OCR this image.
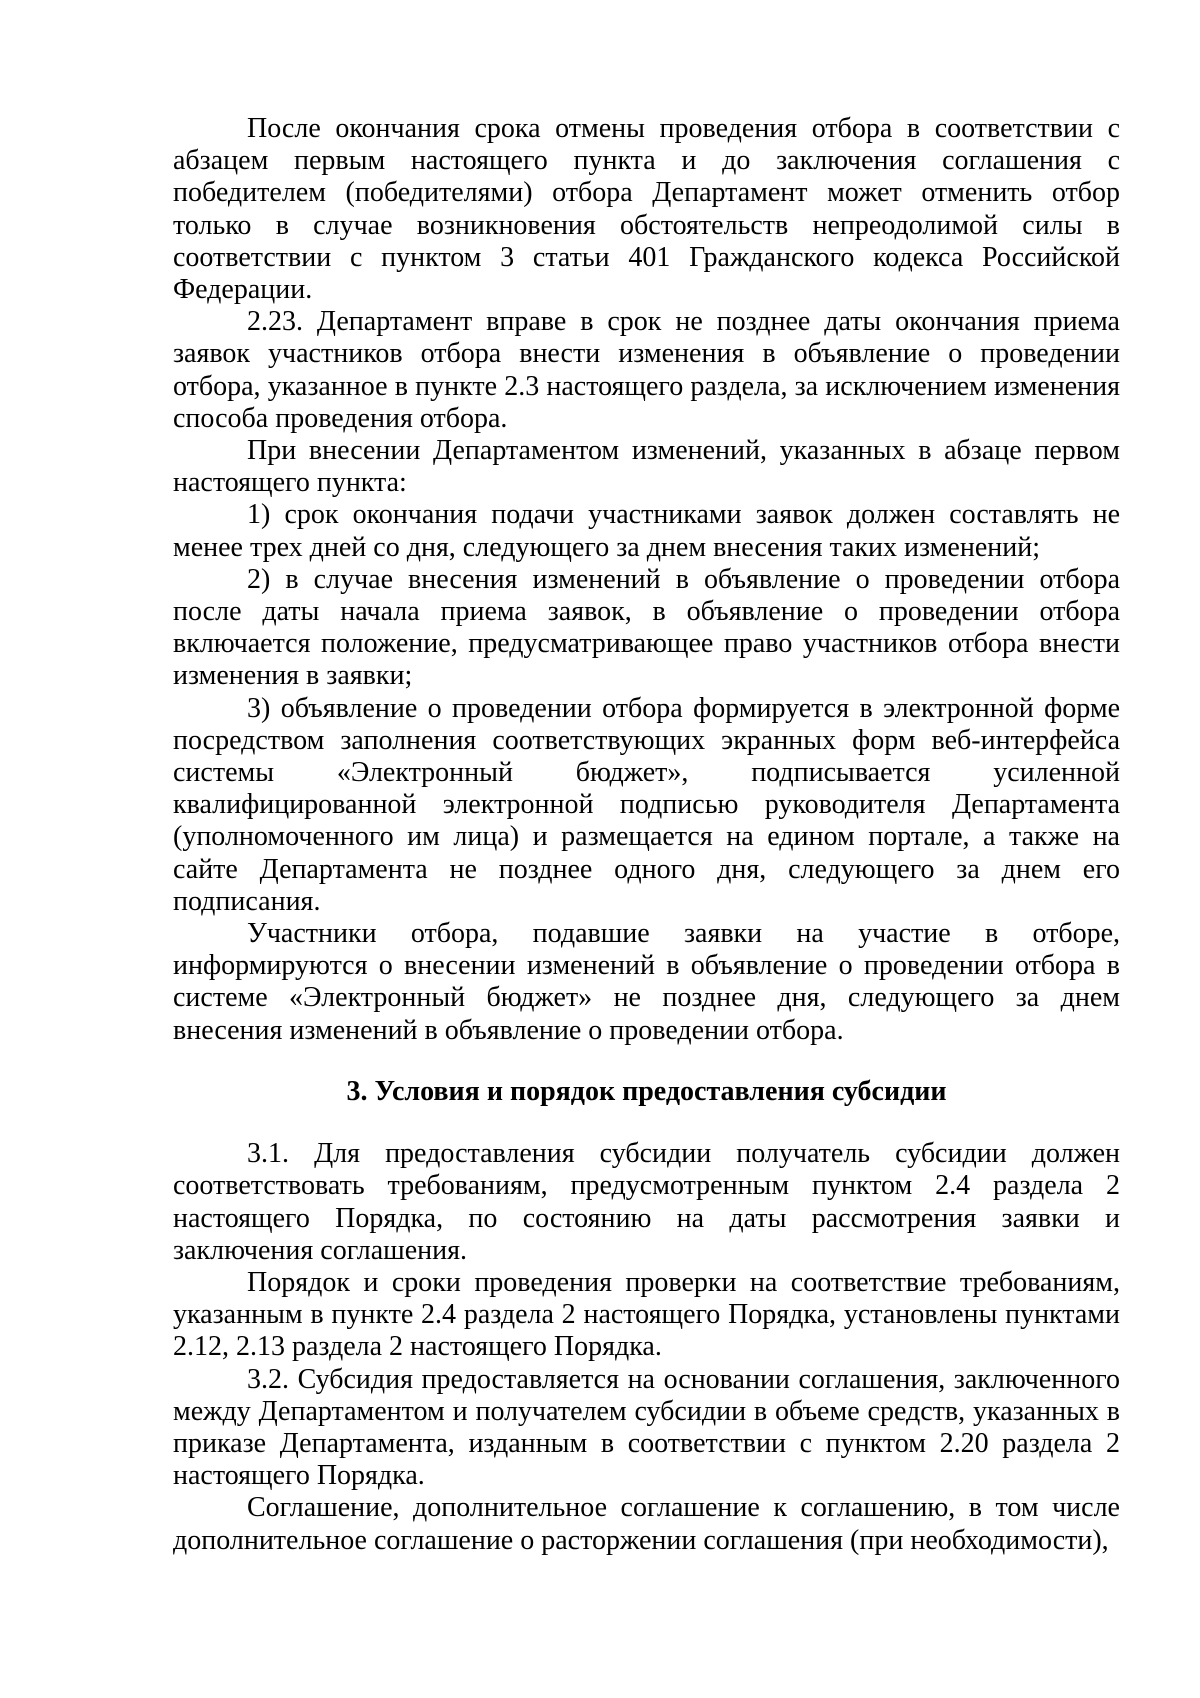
После окончания срока отмены проведения отбора в соответствии с абзацем первым настоящего пункта и до заключения соглашения с победителем (победителями) отбора Департамент может отменить отбор только в случае возникновения обстоятельств непреодолимой силы в соответствии с пунктом 3 статьи 401 Гражданского кодекса Российской Федерации.

2.23. Департамент вправе в срок не позднее даты окончания приема заявок участников отбора внести изменения в объявление о проведении отбора, указанное в пункте 2.3 настоящего раздела, за исключением изменения способа проведения отбора.

При внесении Департаментом изменений, указанных в абзаце первом настоящего пункта:

1) срок окончания подачи участниками заявок должен составлять не менее трех дней со дня, следующего за днем внесения таких изменений;

2) в случае внесения изменений в объявление о проведении отбора после даты начала приема заявок, в объявление о проведении отбора включается положение, предусматривающее право участников отбора внести изменения в заявки;

3) объявление о проведении отбора формируется в электронной форме посредством заполнения соответствующих экранных форм веб-интерфейса системы «Электронный бюджет», подписывается усиленной квалифицированной электронной подписью руководителя Департамента (уполномоченного им лица) и размещается на едином портале, а также на сайте Департамента не позднее одного дня, следующего за днем его подписания.

Участники отбора, подавшие заявки на участие в отборе, информируются о внесении изменений в объявление о проведении отбора в системе «Электронный бюджет» не позднее дня, следующего за днем внесения изменений в объявление о проведении отбора.

3. Условия и порядок предоставления субсидии

3.1. Для предоставления субсидии получатель субсидии должен соответствовать требованиям, предусмотренным пунктом 2.4 раздела 2 настоящего Порядка, по состоянию на даты рассмотрения заявки и заключения соглашения.

Порядок и сроки проведения проверки на соответствие требованиям, указанным в пункте 2.4 раздела 2 настоящего Порядка, установлены пунктами 2.12, 2.13 раздела 2 настоящего Порядка.

3.2. Субсидия предоставляется на основании соглашения, заключенного между Департаментом и получателем субсидии в объеме средств, указанных в приказе Департамента, изданным в соответствии с пунктом 2.20 раздела 2 настоящего Порядка.

Соглашение, дополнительное соглашение к соглашению, в том числе дополнительное соглашение о расторжении соглашения (при необходимости),
